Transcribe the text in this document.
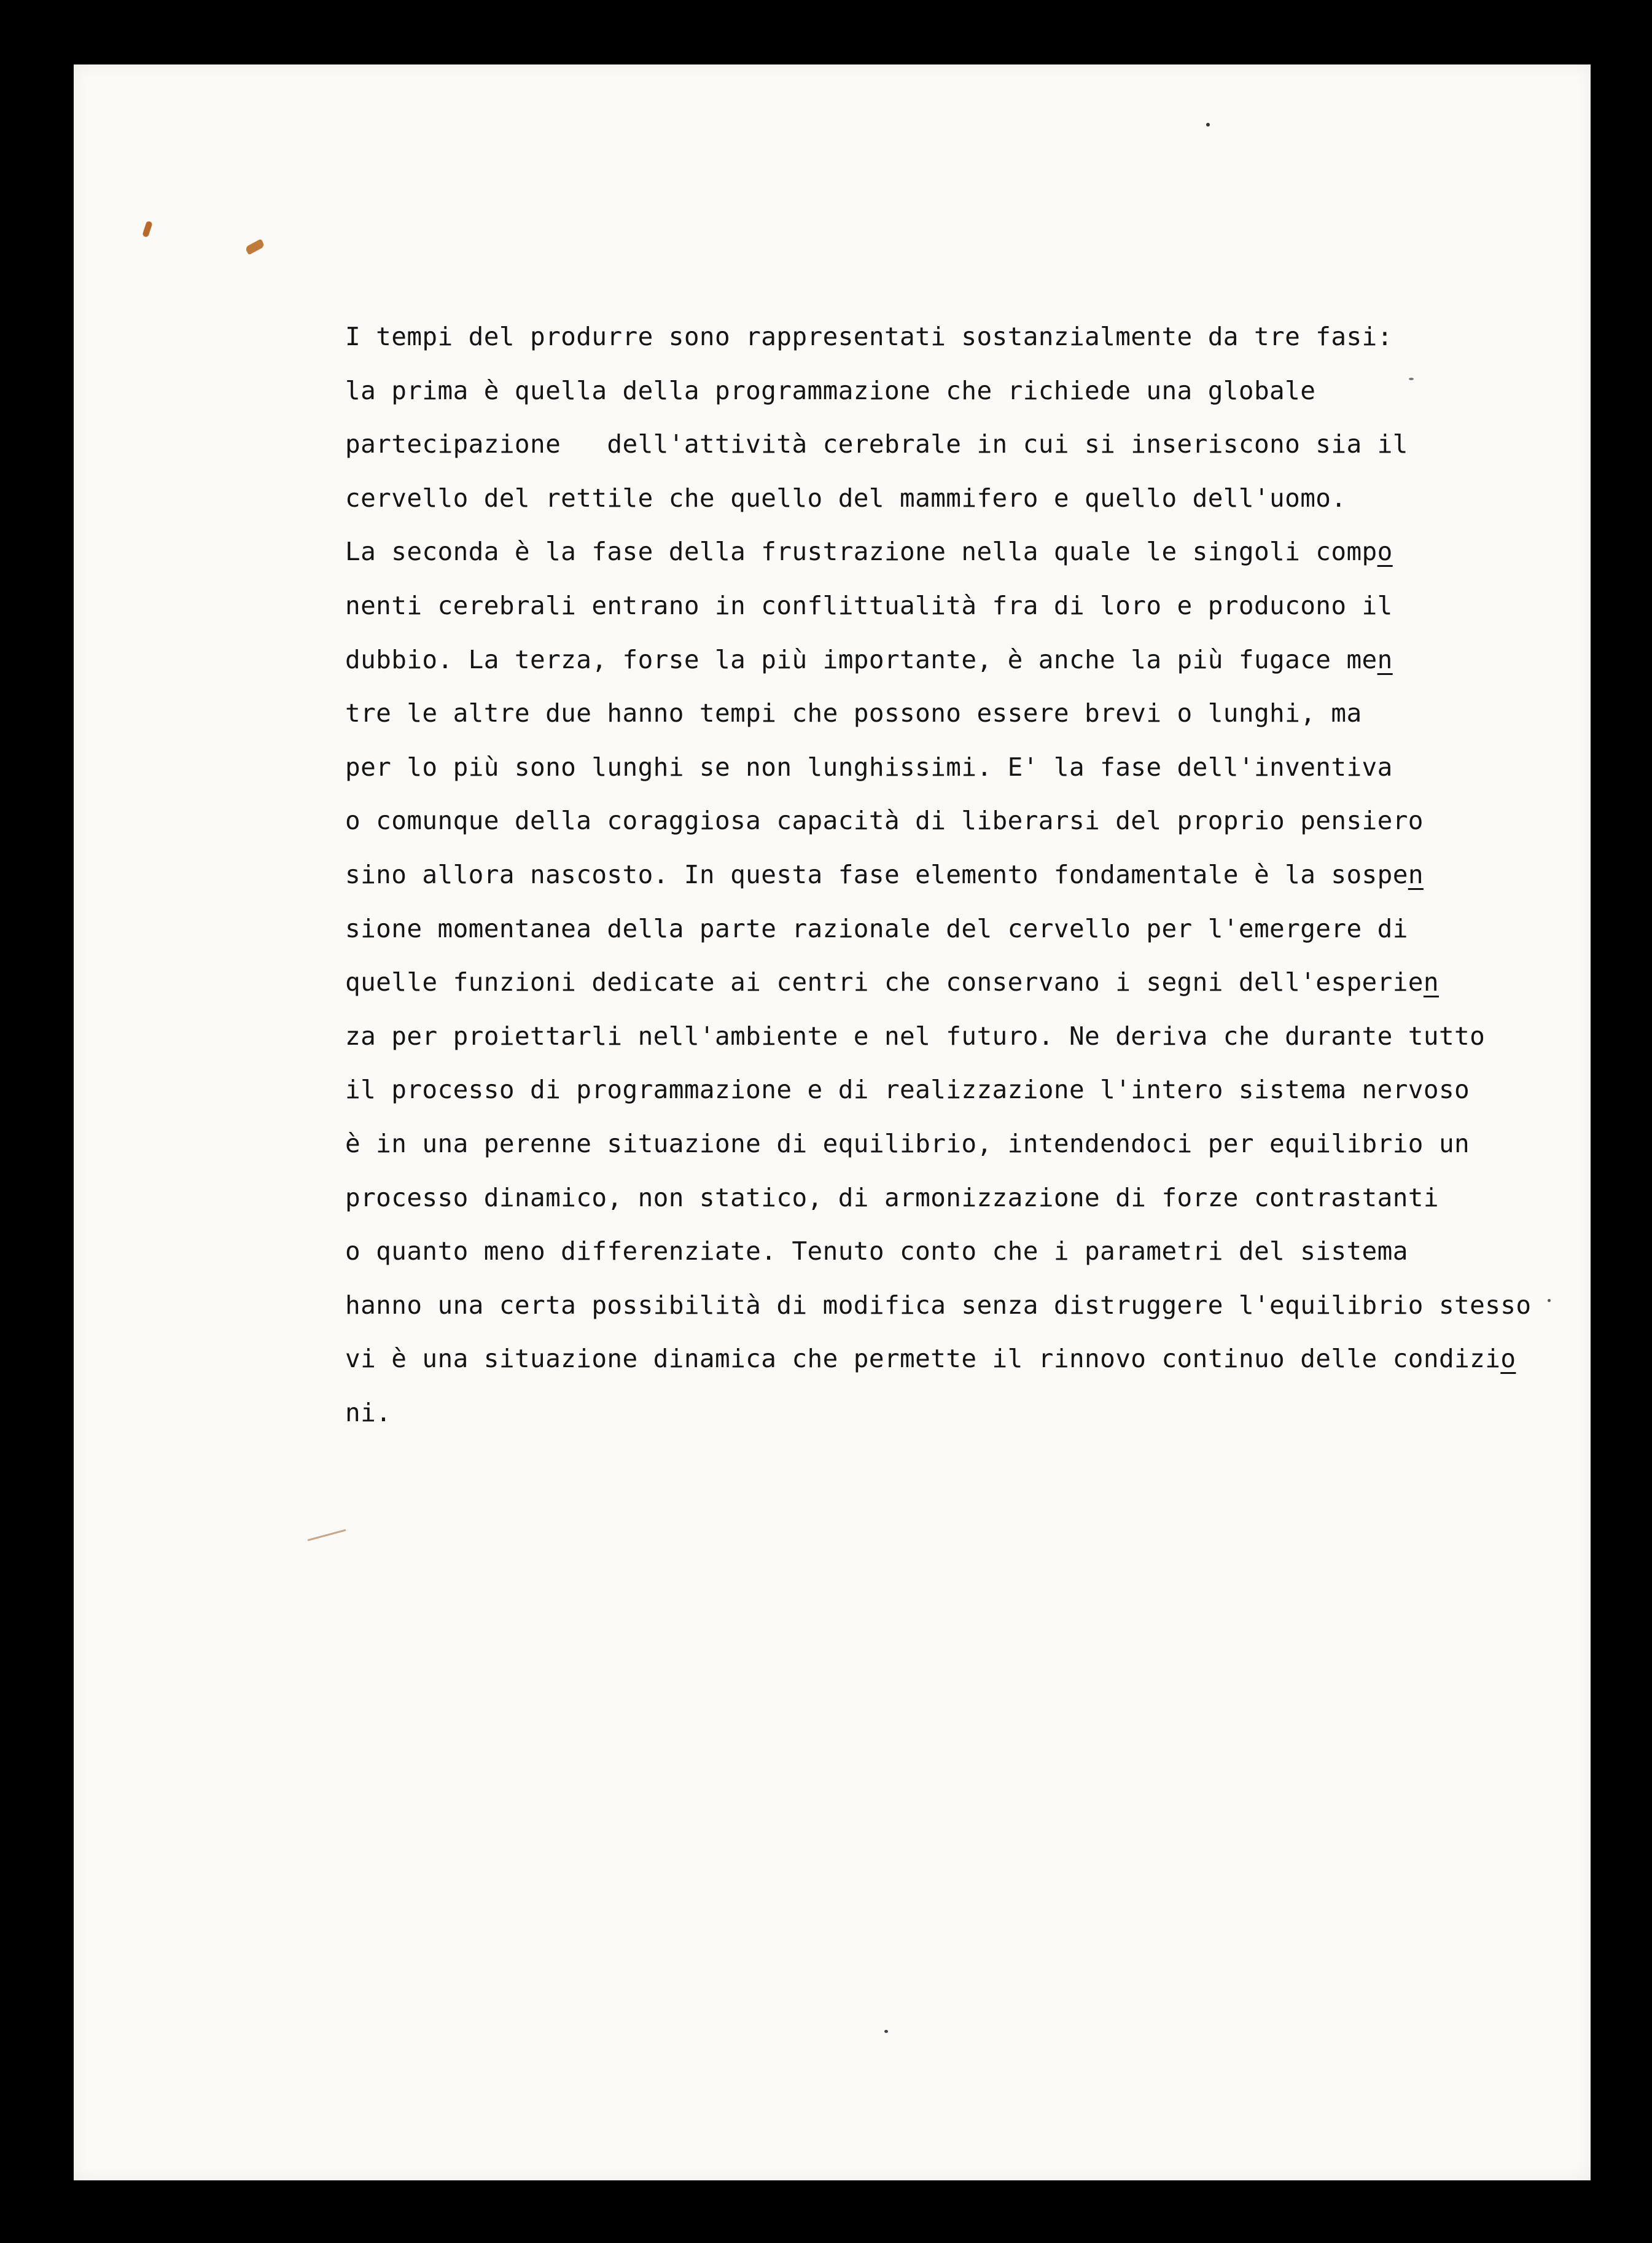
I tempi del produrre sono rappresentati sostanzialmente da tre fasi:
la prima è quella della programmazione che richiede una globale
partecipazione   dell'attività cerebrale in cui si inseriscono sia il
cervello del rettile che quello del mammifero e quello dell'uomo.
La seconda è la fase della frustrazione nella quale le singoli compo
nenti cerebrali entrano in conflittualità fra di loro e producono il
dubbio. La terza, forse la più importante, è anche la più fugace men
tre le altre due hanno tempi che possono essere brevi o lunghi, ma
per lo più sono lunghi se non lunghissimi. E' la fase dell'inventiva
o comunque della coraggiosa capacità di liberarsi del proprio pensiero
sino allora nascosto. In questa fase elemento fondamentale è la sospen
sione momentanea della parte razionale del cervello per l'emergere di
quelle funzioni dedicate ai centri che conservano i segni dell'esperien
za per proiettarli nell'ambiente e nel futuro. Ne deriva che durante tutto
il processo di programmazione e di realizzazione l'intero sistema nervoso
è in una perenne situazione di equilibrio, intendendoci per equilibrio un
processo dinamico, non statico, di armonizzazione di forze contrastanti
o quanto meno differenziate. Tenuto conto che i parametri del sistema
hanno una certa possibilità di modifica senza distruggere l'equilibrio stesso
vi è una situazione dinamica che permette il rinnovo continuo delle condizio
ni.
